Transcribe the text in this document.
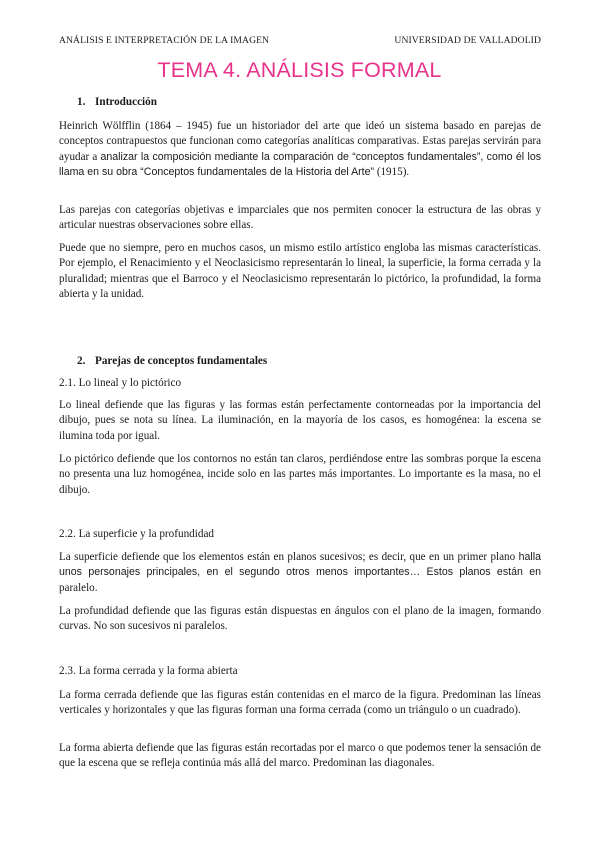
ANÁLISIS E INTERPRETACIÓN DE LA IMAGEN	UNIVERSIDAD DE VALLADOLID
TEMA 4. ANÁLISIS FORMAL
1. Introducción

Heinrich Wölfflin (1864 – 1945) fue un historiador del arte que ideó un sistema basado en parejas de conceptos contrapuestos que funcionan como categorías analíticas comparativas. Estas parejas servirán para ayudar a analizar la composición mediante la comparación de “conceptos fundamentales”, como él los llama en su obra “Conceptos fundamentales de la Historia del Arte” (1915).

Las parejas con categorías objetivas e imparciales que nos permiten conocer la estructura de las obras y articular nuestras observaciones sobre ellas.

Puede que no siempre, pero en muchos casos, un mismo estilo artístico engloba las mismas características. Por ejemplo, el Renacimiento y el Neoclasicismo representarán lo lineal, la superficie, la forma cerrada y la pluralidad; mientras que el Barroco y el Neoclasicismo representarán lo pictórico, la profundidad, la forma abierta y la unidad.

2. Parejas de conceptos fundamentales
2.1. Lo lineal y lo pictórico

Lo lineal defiende que las figuras y las formas están perfectamente contorneadas por la importancia del dibujo, pues se nota su línea. La iluminación, en la mayoría de los casos, es homogénea: la escena se ilumina toda por igual.

Lo pictórico defiende que los contornos no están tan claros, perdiéndose entre las sombras porque la escena no presenta una luz homogénea, incide solo en las partes más importantes. Lo importante es la masa, no el dibujo.

2.2. La superficie y la profundidad

La superficie defiende que los elementos están en planos sucesivos; es decir, que en un primer plano halla unos personajes principales, en el segundo otros menos importantes… Estos planos están en paralelo.

La profundidad defiende que las figuras están dispuestas en ángulos con el plano de la imagen, formando curvas. No son sucesivos ni paralelos.

2.3. La forma cerrada y la forma abierta

La forma cerrada defiende que las figuras están contenidas en el marco de la figura. Predominan las líneas verticales y horizontales y que las figuras forman una forma cerrada (como un triángulo o un cuadrado).

La forma abierta defiende que las figuras están recortadas por el marco o que podemos tener la sensación de que la escena que se refleja continúa más allá del marco. Predominan las diagonales.
